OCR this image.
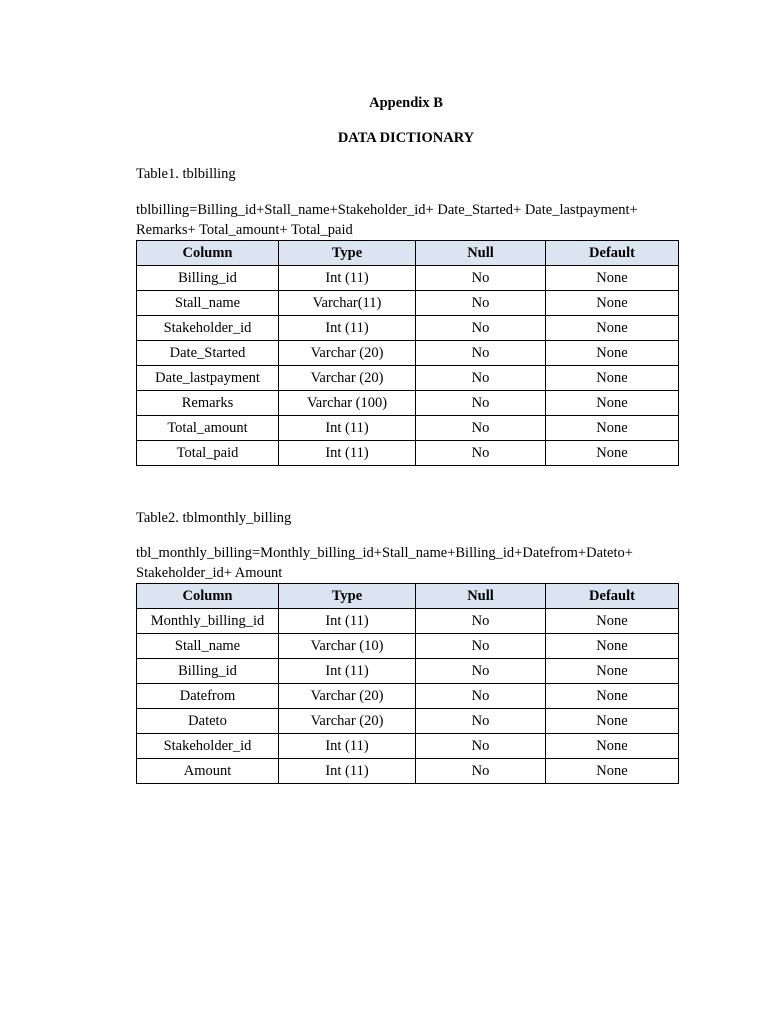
Appendix B
DATA DICTIONARY
Table1. tblbilling
tblbilling=Billing_id+Stall_name+Stakeholder_id+ Date_Started+ Date_lastpayment+
Remarks+ Total_amount+ Total_paid
Column	Type	Null	Default
Billing_id	Int (11)	No	None
Stall_name	Varchar(11)	No	None
Stakeholder_id	Int (11)	No	None
Date_Started	Varchar (20)	No	None
Date_lastpayment	Varchar (20)	No	None
Remarks	Varchar (100)	No	None
Total_amount	Int (11)	No	None
Total_paid	Int (11)	No	None
Table2. tblmonthly_billing
tbl_monthly_billing=Monthly_billing_id+Stall_name+Billing_id+Datefrom+Dateto+
Stakeholder_id+ Amount
Column	Type	Null	Default
Monthly_billing_id	Int (11)	No	None
Stall_name	Varchar (10)	No	None
Billing_id	Int (11)	No	None
Datefrom	Varchar (20)	No	None
Dateto	Varchar (20)	No	None
Stakeholder_id	Int (11)	No	None
Amount	Int (11)	No	None
